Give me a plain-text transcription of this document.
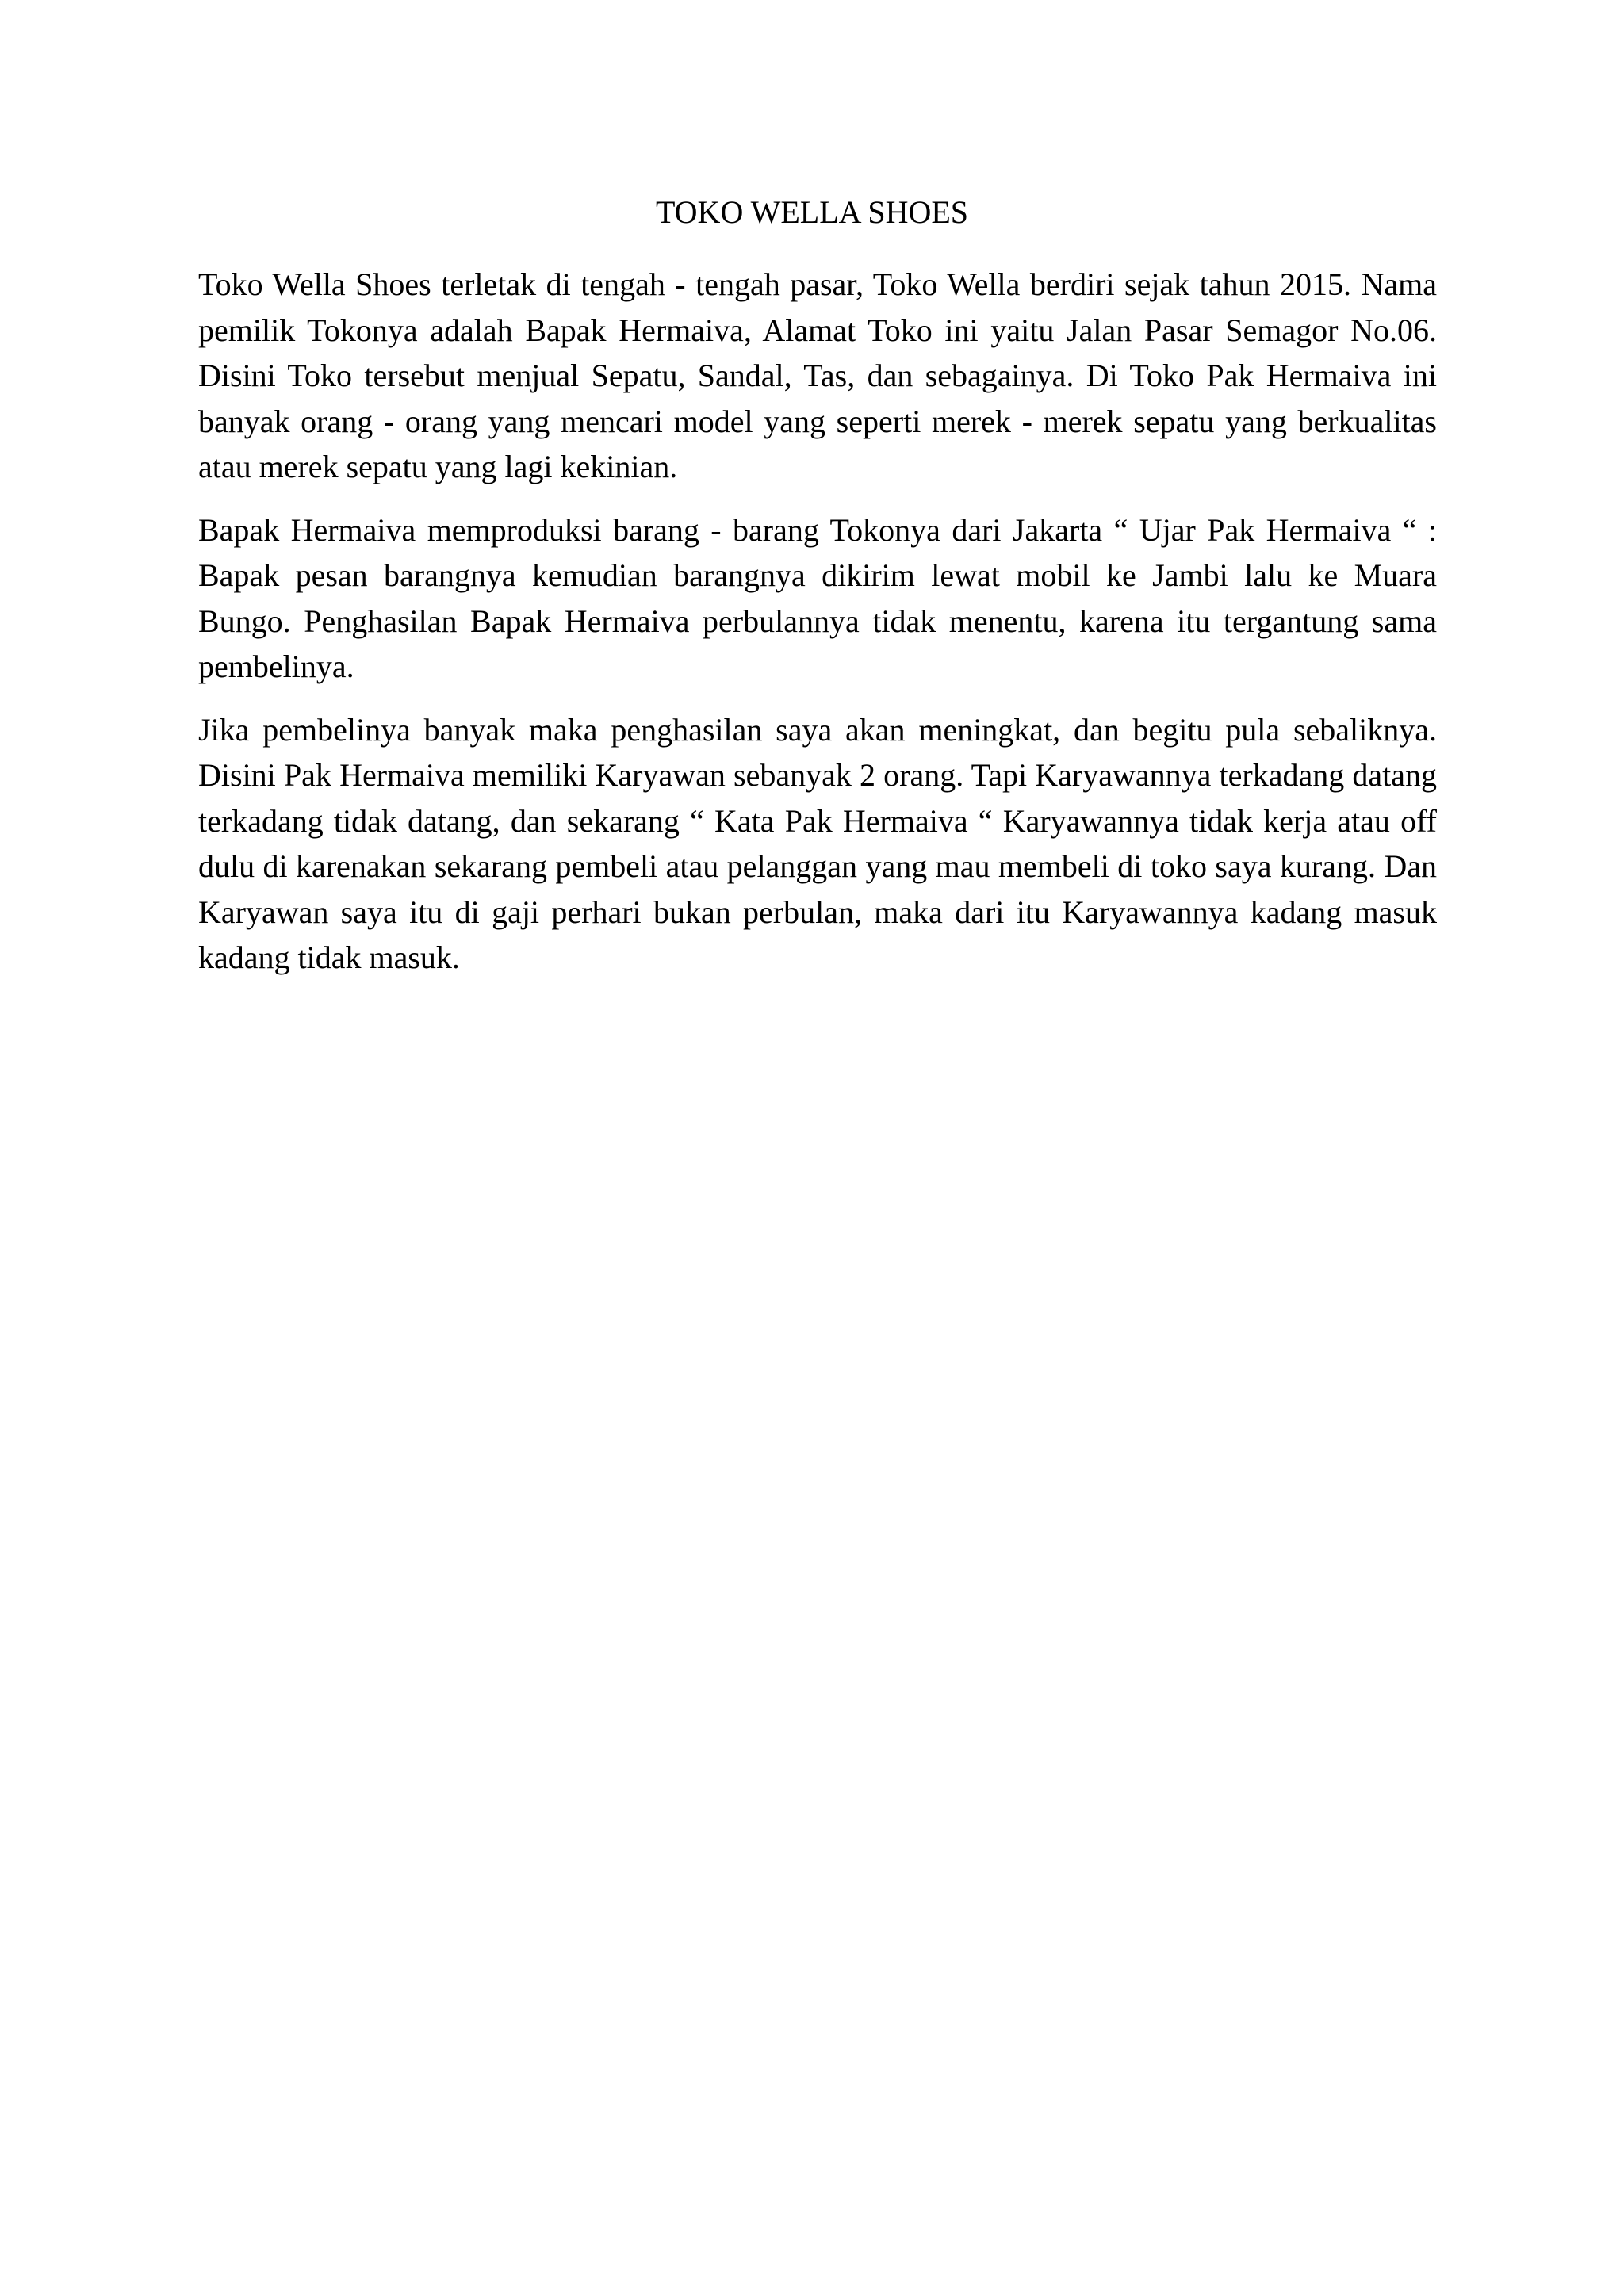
TOKO WELLA SHOES

Toko Wella Shoes terletak di tengah - tengah pasar, Toko Wella berdiri sejak tahun 2015. Nama pemilik Tokonya adalah Bapak Hermaiva, Alamat Toko ini yaitu Jalan Pasar Semagor No.06. Disini Toko tersebut menjual Sepatu, Sandal, Tas, dan sebagainya. Di Toko Pak Hermaiva ini banyak orang - orang yang mencari model yang seperti merek - merek sepatu yang berkualitas atau merek sepatu yang lagi kekinian.

Bapak Hermaiva memproduksi barang - barang Tokonya dari Jakarta “ Ujar Pak Hermaiva “ : Bapak pesan barangnya kemudian barangnya dikirim lewat mobil ke Jambi lalu ke Muara Bungo. Penghasilan Bapak Hermaiva perbulannya tidak menentu, karena itu tergantung sama pembelinya.

Jika pembelinya banyak maka penghasilan saya akan meningkat, dan begitu pula sebaliknya. Disini Pak Hermaiva memiliki Karyawan sebanyak 2 orang. Tapi Karyawannya terkadang datang terkadang tidak datang, dan sekarang “ Kata Pak Hermaiva “ Karyawannya tidak kerja atau off dulu di karenakan sekarang pembeli atau pelanggan yang mau membeli di toko saya kurang. Dan Karyawan saya itu di gaji perhari bukan perbulan, maka dari itu Karyawannya kadang masuk kadang tidak masuk.
